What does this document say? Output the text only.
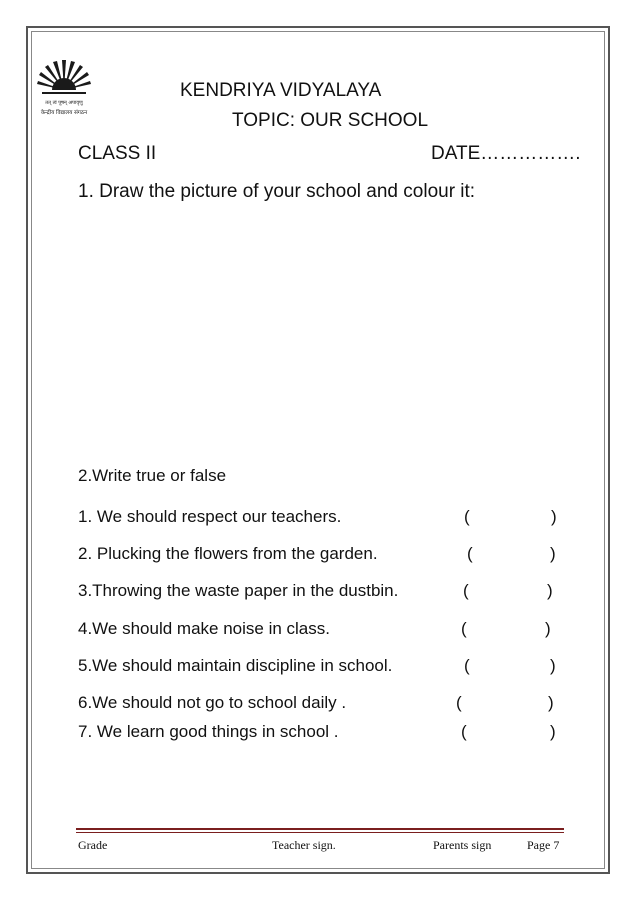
तत् त्वं पूषन् अपावृणु
केन्द्रीय विद्यालय संगठन
KENDRIYA VIDYALAYA
TOPIC: OUR SCHOOL
CLASS II	DATE…………….
1. Draw the picture of your school and colour it:
2.Write true or false
1. We should respect our teachers.	(	)
2. Plucking the flowers from the garden.	(	)
3.Throwing the waste paper in the dustbin.	(	)
4.We should make noise in class.	(	)
5.We should maintain discipline in school.	(	)
6.We should not go to school daily .	(	)
7. We learn good things in school .	(	)
Grade	Teacher sign.	Parents sign	Page 7
